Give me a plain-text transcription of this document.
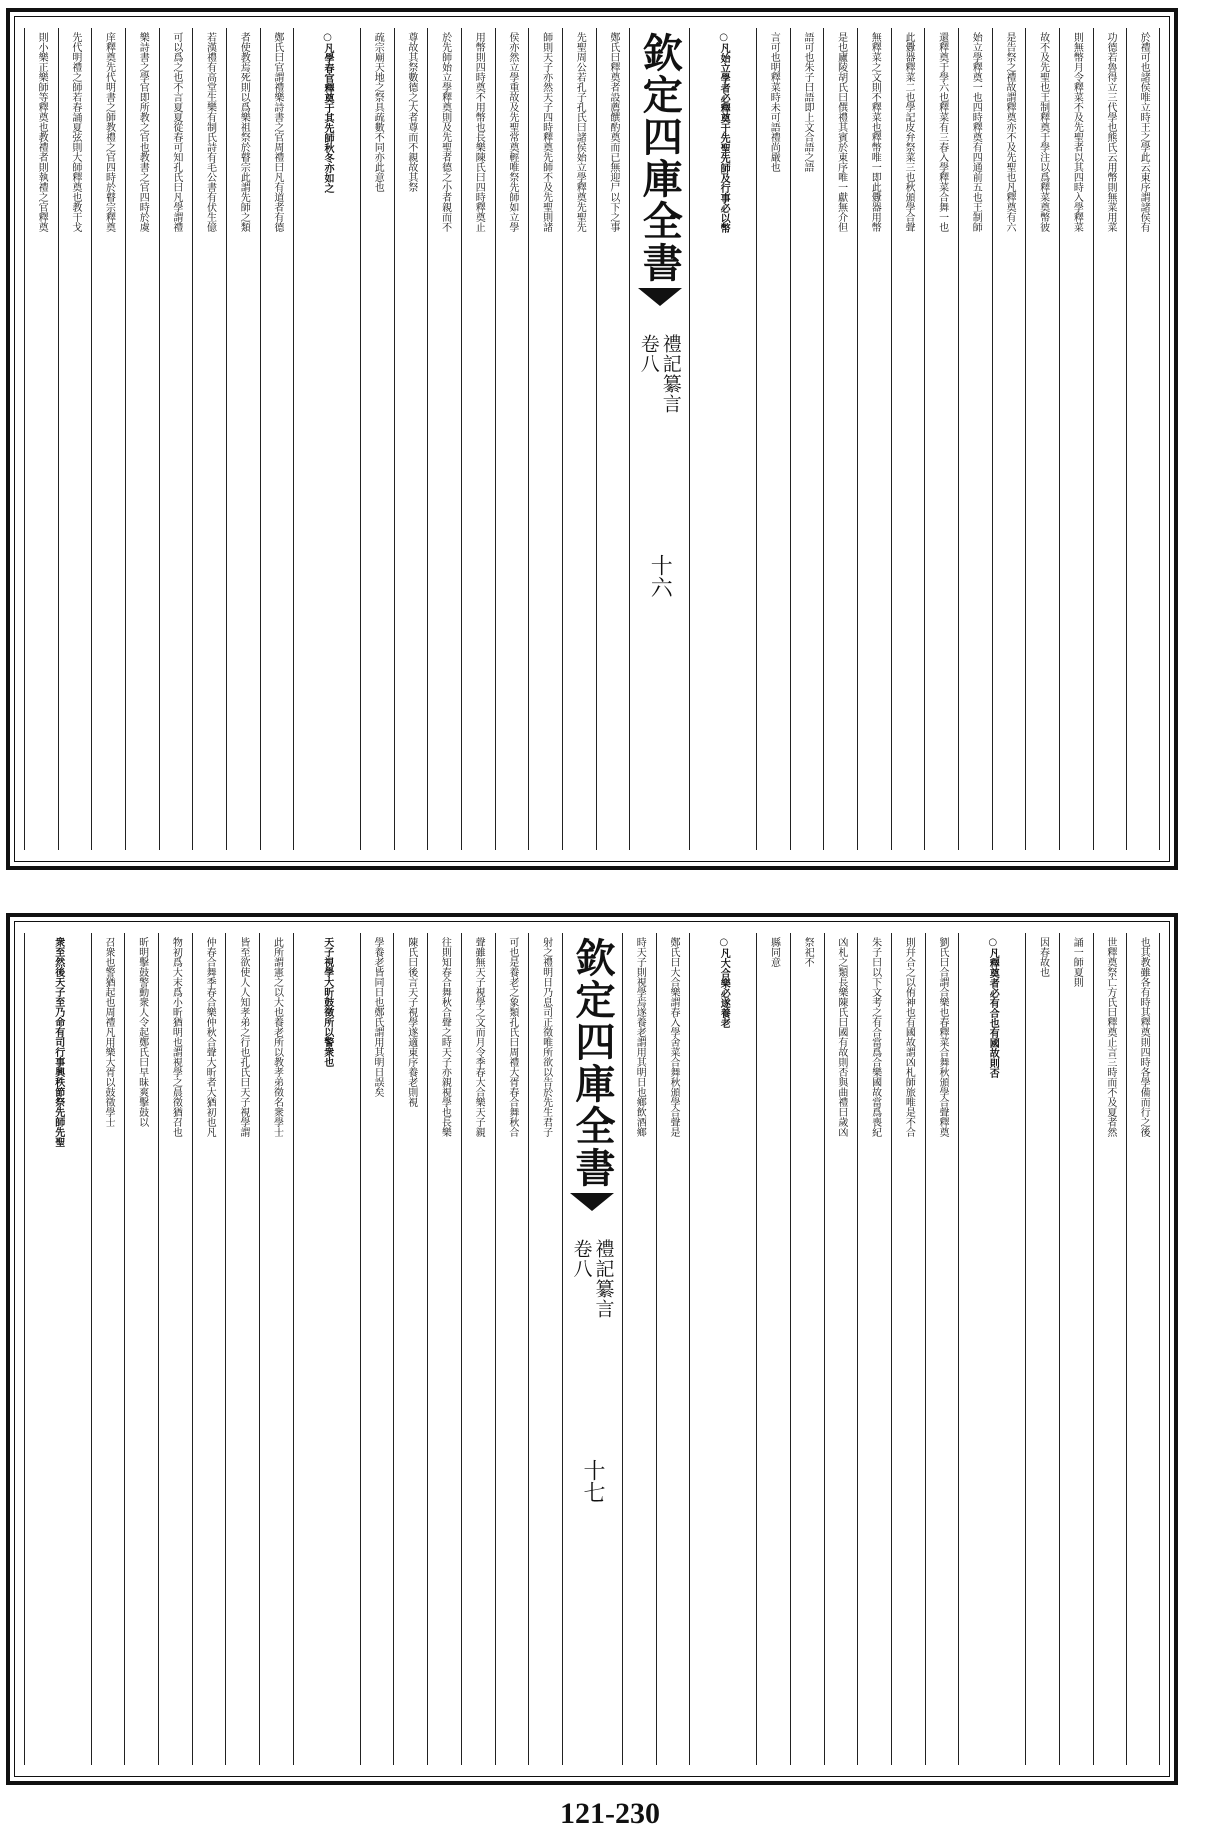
於禮可也諸侯唯立時王之學此云東序謂諸侯有
功德若魯得立三代學也熊氏云用幣則無菜用菜
則無幣月令釋菜不及先聖者以其四時入學釋菜
故不及先聖也王制釋奠于學注以爲釋菜奠幣彼
是告祭之禮故謂釋奠亦不及先聖也凡釋奠有六
始立學釋奠一也四時釋奠有四通前五也王制師
還釋奠于學六也釋菜有三春入學釋菜合舞一也
此釁器釋菜二也學記皮弁祭菜三也秋頒學合聲
無釋菜之文則不釋菜也釋幣唯一即此釁器用幣
是也廬陵胡氏曰僎禮其賓於東序唯一獻無介但
語可也朱子曰語即上文合語之語
言可也明釋菜時未可語禮尚嚴也
○凡始立學者必釋奠于先聖先師及行事必以幣
欽定四庫全書
禮記纂言
卷八
十六
鄭氏曰釋奠者設薦饌酌奠而已無迎尸以下之事
先聖周公若孔子孔氏曰諸侯始立學釋奠先聖先
師則天子亦然天子四時釋奠先師不及先聖則諸
侯亦然立學重故及先聖常奠輕唯祭先師如立學
用幣則四時奠不用幣也長樂陳氏曰四時釋奠止
於先師始立學釋奠則及先聖者德之小者親而不
尊故其祭數德之大者尊而不親故其祭
疏宗廟天地之祭具疏數不同亦此意也
○凡學春官釋奠于其先師秋冬亦如之
鄭氏曰官謂禮樂詩書之官周禮曰凡有道者有德
者使教焉死則以爲樂祖祭於瞽宗此謂先師之類
若漢禮有高堂生樂有制氏詩有毛公書有伏生億
可以爲之也不言夏夏從春可知孔氏曰凡學謂禮
樂詩書之學官即所教之官也教書之官四時於虞
庠釋奠先代明書之師教禮之官四時於瞽宗釋奠
先代明禮之師若春誦夏弦則大師釋奠也教干戈
則小樂正樂師等釋奠也教禮者則執禮之官釋奠
也其教雖各有時其釋奠則四時各學備而行之後
世釋奠祭亡方氏曰釋奠止言三時而不及夏者然
誦一師夏則
因春故也
○凡釋奠者必有合也有國故則否
劉氏曰合謂合樂也春釋菜合舞秋頒學合聲釋奠
則幷合之以侑神也有國故謂凶札師旅唯是不合
朱子曰以下文考之有合當爲合樂國故當爲喪紀
凶札之類長樂陳氏曰國有故則否與曲禮曰歲凶
祭祀不
縣同意
○凡大合樂必遂養老
鄭氏曰大合樂謂春入學舍菜合舞秋頒學合聲是
時天子則視學焉遂養老謂用其明日也鄉飲酒鄉
欽定四庫全書
禮記纂言
卷八
十七
射之禮明日乃息司正徵唯所欲以告於先生君子
可也是養老之象類孔氏曰周禮大胥春合舞秋合
聲雖無天子視學之文而月令季春大合樂天子親
往則知春合舞秋合聲之時天子亦親視學也長樂
陳氏曰後言天子視學遂適東序養老則視
學養老皆同日也鄭氏謂用其明日誤矣
天子視學大昕鼓徵所以警衆也
此所謂憲之以大也養老所以教孝弟徵名衆學士
皆至欲使人人知孝弟之行也孔氏曰天子視學謂
仲春合舞季春合樂仲秋合聲大昕者大猶初也凡
物初爲大末爲小昕猶明也謂視學之晨徵猶召也
昕明擊鼓警動衆人令起鄭氏曰早昧爽擊鼓以
召衆也警猶起也周禮凡用樂大胥以鼓徵學士
衆至然後天子至乃命有司行事興秩節祭先師先聖
121-230
